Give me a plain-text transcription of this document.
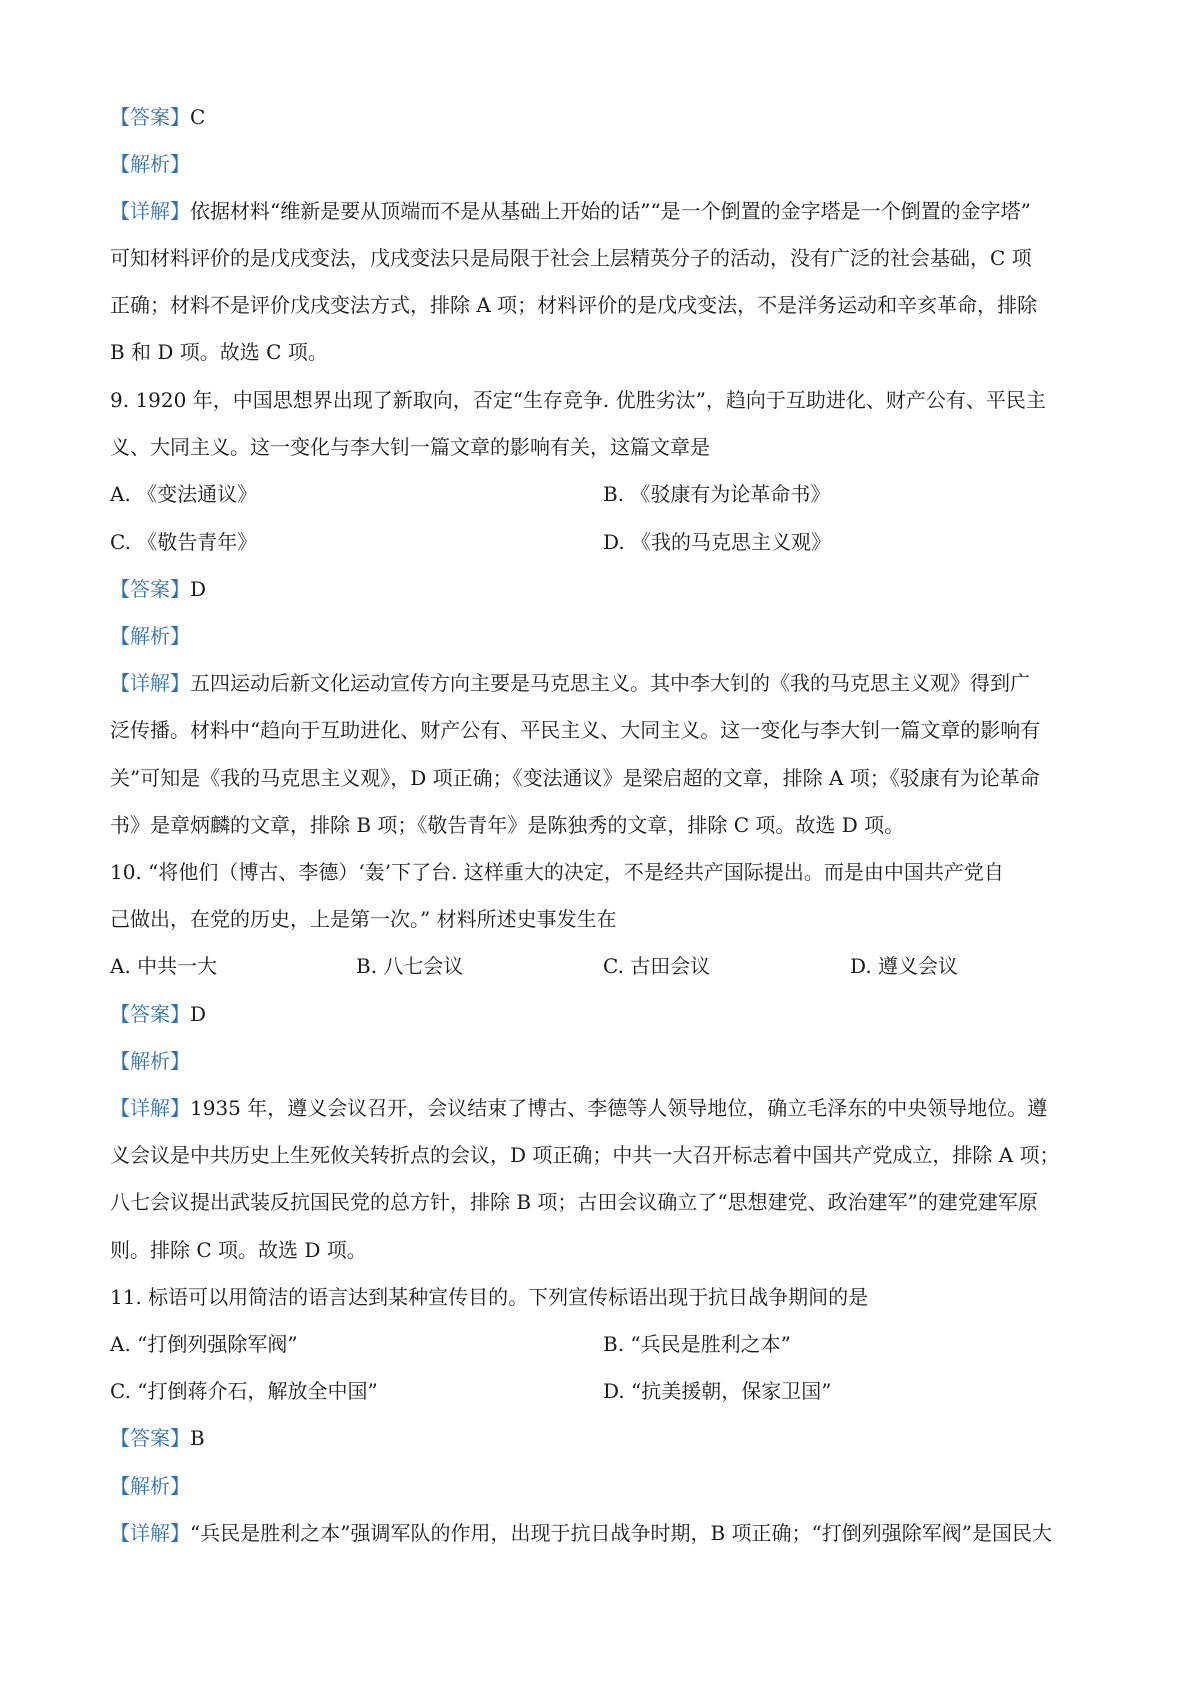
【答案】C
【解析】
【详解】依据材料“维新是要从顶端而不是从基础上开始的话”“是一个倒置的金字塔是一个倒置的金字塔”
可知材料评价的是戊戌变法，戊戌变法只是局限于社会上层精英分子的活动，没有广泛的社会基础，C 项
正确；材料不是评价戊戌变法方式，排除 A 项；材料评价的是戊戌变法，不是洋务运动和辛亥革命，排除
B 和 D 项。故选 C 项。
9. 1920 年，中国思想界出现了新取向，否定“生存竞争. 优胜劣汰”，趋向于互助进化、财产公有、平民主
义、大同主义。这一变化与李大钊一篇文章的影响有关，这篇文章是
A. 《变法通议》	B. 《驳康有为论革命书》
C. 《敬告青年》	D. 《我的马克思主义观》
【答案】D
【解析】
【详解】五四运动后新文化运动宣传方向主要是马克思主义。其中李大钊的《我的马克思主义观》得到广
泛传播。材料中“趋向于互助进化、财产公有、平民主义、大同主义。这一变化与李大钊一篇文章的影响有
关”可知是《我的马克思主义观》，D 项正确；《变法通议》是梁启超的文章，排除 A 项；《驳康有为论革命
书》是章炳麟的文章，排除 B 项；《敬告青年》是陈独秀的文章，排除 C 项。故选 D 项。
10. “将他们（博古、李德）‘轰’下了台. 这样重大的决定，不是经共产国际提出。而是由中国共产党自
己做出，在党的历史，上是第一次。” 材料所述史事发生在
A. 中共一大	B. 八七会议	C. 古田会议	D. 遵义会议
【答案】D
【解析】
【详解】1935 年，遵义会议召开，会议结束了博古、李德等人领导地位，确立毛泽东的中央领导地位。遵
义会议是中共历史上生死攸关转折点的会议，D 项正确；中共一大召开标志着中国共产党成立，排除 A 项；
八七会议提出武装反抗国民党的总方针，排除 B 项；古田会议确立了“思想建党、政治建军”的建党建军原
则。排除 C 项。故选 D 项。
11. 标语可以用简洁的语言达到某种宣传目的。下列宣传标语出现于抗日战争期间的是
A. “打倒列强除军阀”	B. “兵民是胜利之本”
C. “打倒蒋介石，解放全中国”	D. “抗美援朝，保家卫国”
【答案】B
【解析】
【详解】“兵民是胜利之本”强调军队的作用，出现于抗日战争时期，B 项正确；“打倒列强除军阀”是国民大
